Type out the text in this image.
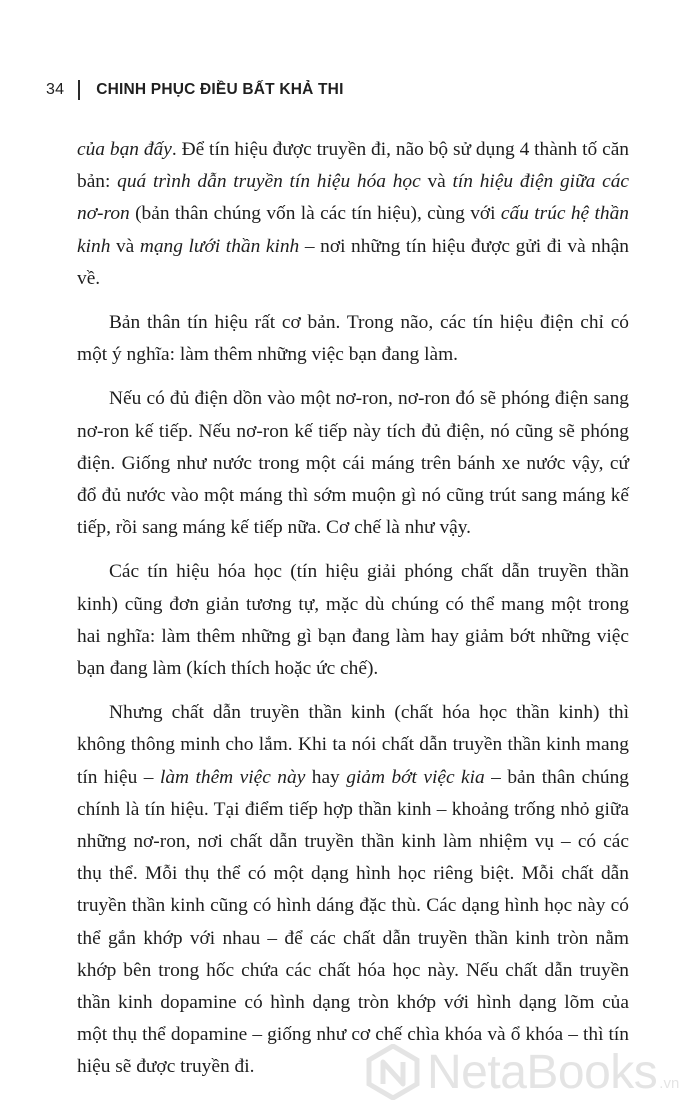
34 CHINH PHỤC ĐIỀU BẤT KHẢ THI

của bạn đấy. Để tín hiệu được truyền đi, não bộ sử dụng 4 thành tố căn bản: quá trình dẫn truyền tín hiệu hóa học và tín hiệu điện giữa các nơ-ron (bản thân chúng vốn là các tín hiệu), cùng với cấu trúc hệ thần kinh và mạng lưới thần kinh – nơi những tín hiệu được gửi đi và nhận về.

Bản thân tín hiệu rất cơ bản. Trong não, các tín hiệu điện chỉ có một ý nghĩa: làm thêm những việc bạn đang làm.

Nếu có đủ điện dồn vào một nơ-ron, nơ-ron đó sẽ phóng điện sang nơ-ron kế tiếp. Nếu nơ-ron kế tiếp này tích đủ điện, nó cũng sẽ phóng điện. Giống như nước trong một cái máng trên bánh xe nước vậy, cứ đổ đủ nước vào một máng thì sớm muộn gì nó cũng trút sang máng kế tiếp, rồi sang máng kế tiếp nữa. Cơ chế là như vậy.

Các tín hiệu hóa học (tín hiệu giải phóng chất dẫn truyền thần kinh) cũng đơn giản tương tự, mặc dù chúng có thể mang một trong hai nghĩa: làm thêm những gì bạn đang làm hay giảm bớt những việc bạn đang làm (kích thích hoặc ức chế).

Nhưng chất dẫn truyền thần kinh (chất hóa học thần kinh) thì không thông minh cho lắm. Khi ta nói chất dẫn truyền thần kinh mang tín hiệu – làm thêm việc này hay giảm bớt việc kia – bản thân chúng chính là tín hiệu. Tại điểm tiếp hợp thần kinh – khoảng trống nhỏ giữa những nơ-ron, nơi chất dẫn truyền thần kinh làm nhiệm vụ – có các thụ thể. Mỗi thụ thể có một dạng hình học riêng biệt. Mỗi chất dẫn truyền thần kinh cũng có hình dáng đặc thù. Các dạng hình học này có thể gắn khớp với nhau – để các chất dẫn truyền thần kinh tròn nằm khớp bên trong hốc chứa các chất hóa học này. Nếu chất dẫn truyền thần kinh dopamine có hình dạng tròn khớp với hình dạng lõm của một thụ thể dopamine – giống như cơ chế chìa khóa và ổ khóa – thì tín hiệu sẽ được truyền đi.	NetaBooks .vn
